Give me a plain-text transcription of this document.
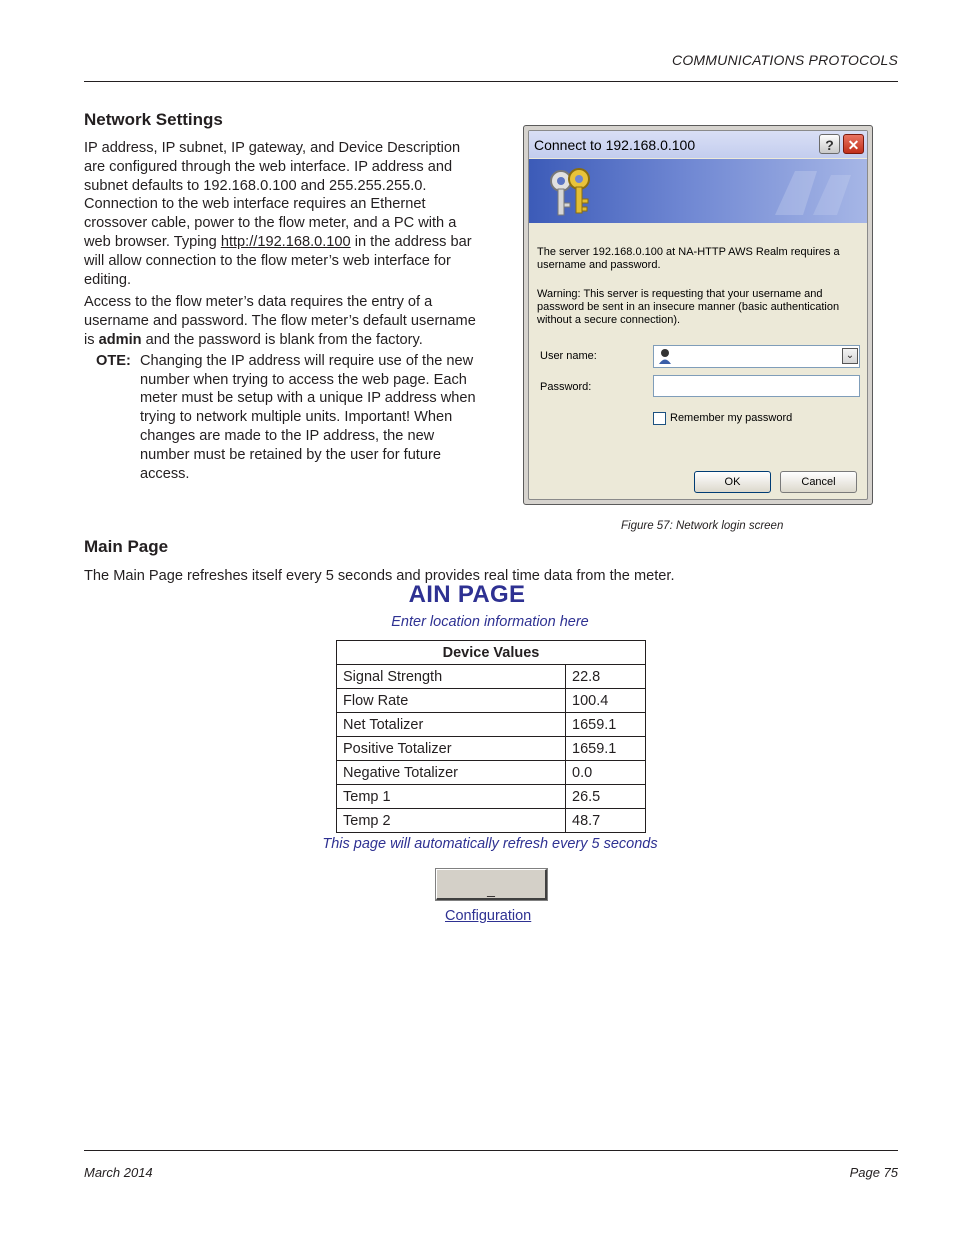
COMMUNICATIONS PROTOCOLS
Network Settings

IP address, IP subnet, IP gateway, and Device Description are configured through the web interface. IP address and subnet defaults to 192.168.0.100 and 255.255.255.0. Connection to the web interface requires an Ethernet crossover cable, power to the flow meter, and a PC with a web browser. Typing http://192.168.0.100 in the address bar will allow connection to the flow meter’s web interface for editing.

Access to the flow meter’s data requires the entry of a username and password. The flow meter’s default username is admin and the password is blank from the factory.

OTE: Changing the IP address will require use of the new number when trying to access the web page. Each meter must be setup with a unique IP address when trying to network multiple units. Important! When changes are made to the IP address, the new number must be retained by the user for future access.
Connect to 192.168.0.100	? ✕
The server 192.168.0.100 at NA-HTTP AWS Realm requires a username and password.
Warning: This server is requesting that your username and password be sent in an insecure manner (basic authentication without a secure connection).
User name:	⌄
Password:
Remember my password
OK	Cancel
Figure 57: Network login screen
Main Page
The Main Page refreshes itself every 5 seconds and provides real time data from the meter.
AIN PAGE
Enter location information here
Device Values	
Signal Strength	22.8
Flow Rate	100.4
Net Totalizer	1659.1
Positive Totalizer	1659.1
Negative Totalizer	0.0
Temp 1	26.5
Temp 2	48.7
This page will automatically refresh every 5 seconds
_
Configuration
March 2014	Page 75
